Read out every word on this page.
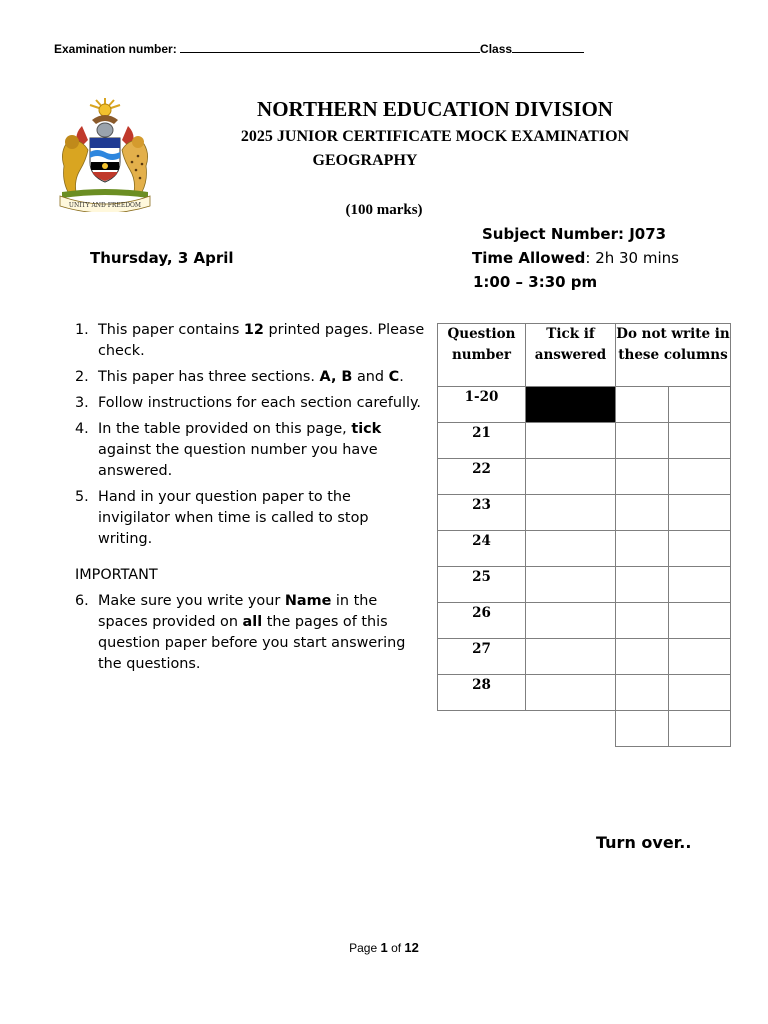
Examination number:	Class
UNITY AND FREEDOM
NORTHERN EDUCATION DIVISION
2025 JUNIOR CERTIFICATE MOCK EXAMINATION
GEOGRAPHY
(100 marks)
Subject Number: J073
Thursday, 3 April	Time Allowed: 2h 30 mins
1:00 – 3:30 pm
1. This paper contains 12 printed pages. Please check.
2. This paper has three sections. A, B and C.
3. Follow instructions for each section carefully.
4. In the table provided on this page, tick against the question number you have answered.
5. Hand in your question paper to the invigilator when time is called to stop writing.
IMPORTANT
6. Make sure you write your Name in the spaces provided on all the pages of this question paper before you start answering the questions.
Question number	Tick if answered	Do not write in these columns	
1-20			
21			
22			
23			
24			
25			
26			
27			
28			

Turn over..
Page 1 of 12
